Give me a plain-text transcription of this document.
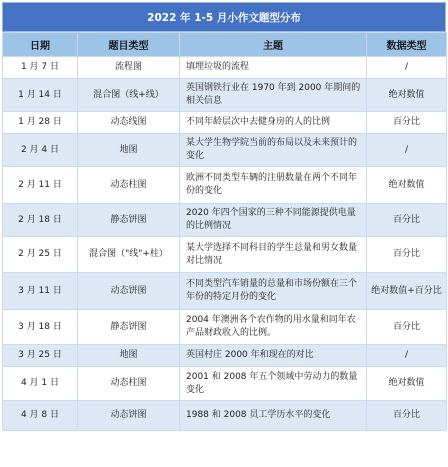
2022 年 1-5 月小作文题型分布
日期	题目类型	主题	数据类型
1 月 7 日	流程图	填埋垃圾的流程	/
1 月 14 日	混合图（线+线）	英国钢铁行业在 1970 年到 2000 年期间的相关信息	绝对数值
1 月 28 日	动态线图	不同年龄层次中去健身房的人的比例	百分比
2 月 4 日	地图	某大学生物学院当前的布局以及未来预计的变化	/
2 月 11 日	动态柱图	欧洲不同类型车辆的注册数量在两个不同年份的变化	绝对数值
2 月 18 日	静态饼图	2020 年四个国家的三种不同能源提供电量的比例情况	百分比
2 月 25 日	混合图（"线"+柱）	某大学选择不同科目的学生总量和男女数量对比情况	百分比
3 月 11 日	动态饼图	不同类型汽车销量的总量和市场份额在三个年份的特定月份的变化	绝对数值+百分比
3 月 18 日	静态饼图	2004 年澳洲各个农作物的用水量和同年农产品财政收入的比例。	百分比
3 月 25 日	地图	英国村庄 2000 年和现在的对比	/
4 月 1 日	动态柱图	2001 和 2008 年五个领域中劳动力的数量变化	绝对数值
4 月 8 日	动态饼图	1988 和 2008 员工学历水平的变化	百分比
